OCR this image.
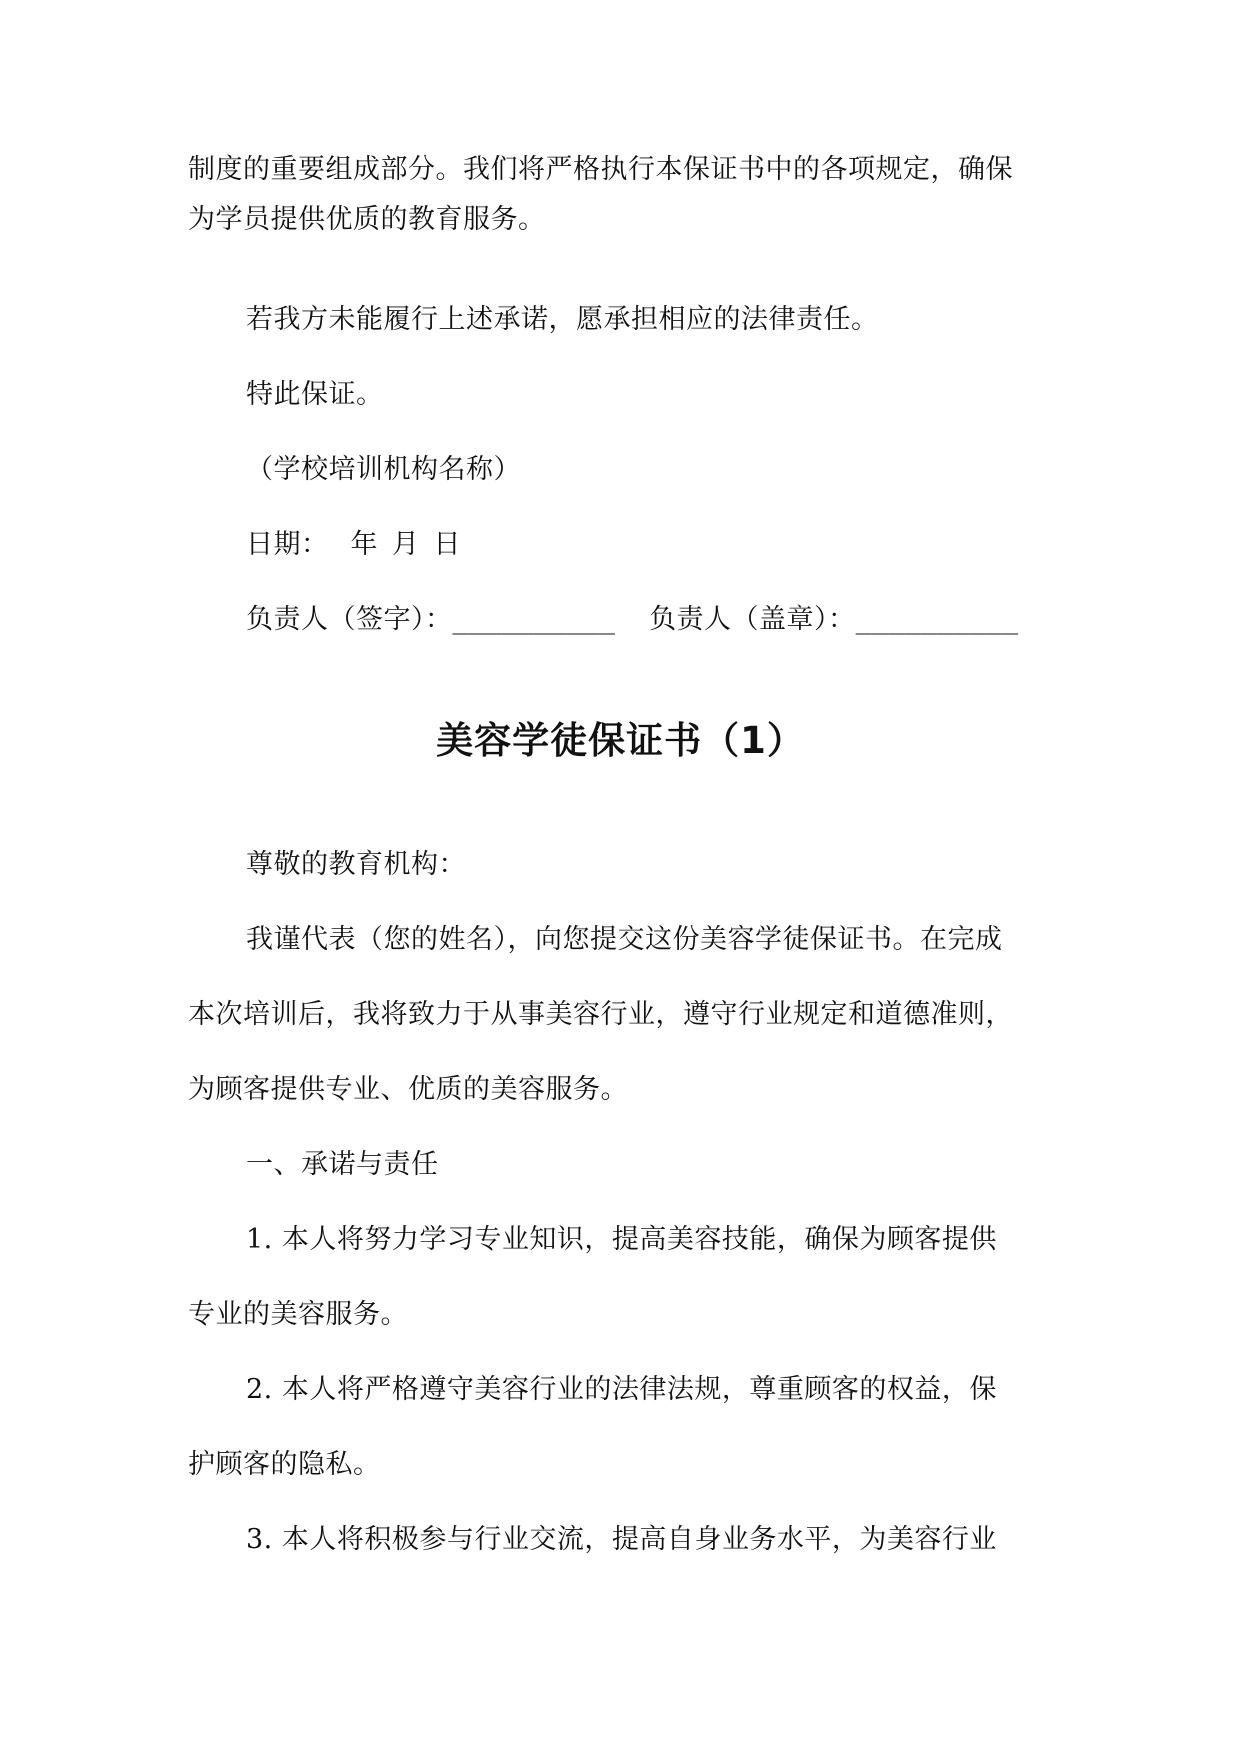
制度的重要组成部分。我们将严格执行本保证书中的各项规定，确保
为学员提供优质的教育服务。
若我方未能履行上述承诺，愿承担相应的法律责任。
特此保证。
（学校培训机构名称）
日期： 年 月 日
负责人（签字）：__________ 负责人（盖章）：__________
美容学徒保证书（1）
尊敬的教育机构：
我谨代表（您的姓名），向您提交这份美容学徒保证书。在完成
本次培训后，我将致力于从事美容行业，遵守行业规定和道德准则，
为顾客提供专业、优质的美容服务。
一、承诺与责任
1. 本人将努力学习专业知识，提高美容技能，确保为顾客提供
专业的美容服务。
2. 本人将严格遵守美容行业的法律法规，尊重顾客的权益，保
护顾客的隐私。
3. 本人将积极参与行业交流，提高自身业务水平，为美容行业
